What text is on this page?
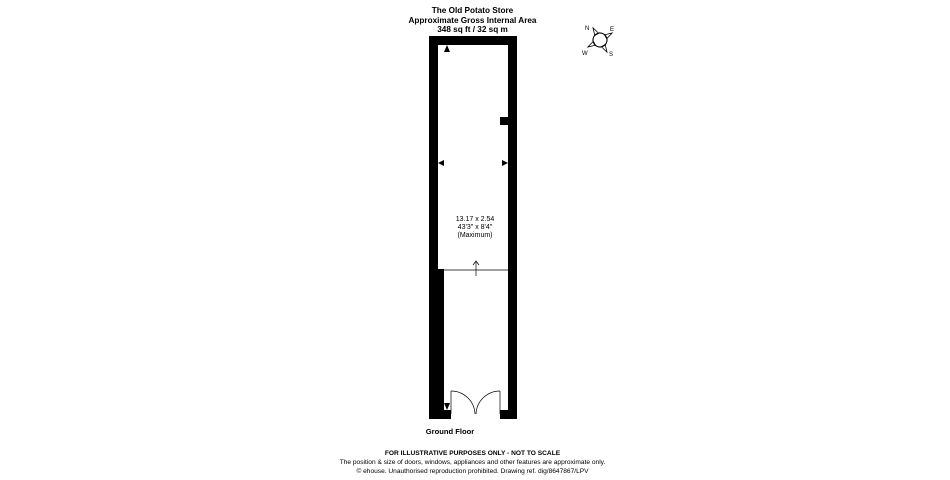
The Old Potato Store
Approximate Gross Internal Area
348 sq ft / 32 sq m	N	E
S
W
13.17 x 2.54
43'3" x 8'4"
(Maximum)
Ground Floor
FOR ILLUSTRATIVE PURPOSES ONLY - NOT TO SCALE
The position & size of doors, windows, appliances and other features are approximate only.
© ehouse. Unauthorised reproduction prohibited. Drawing ref. dig/8647867/LPV
